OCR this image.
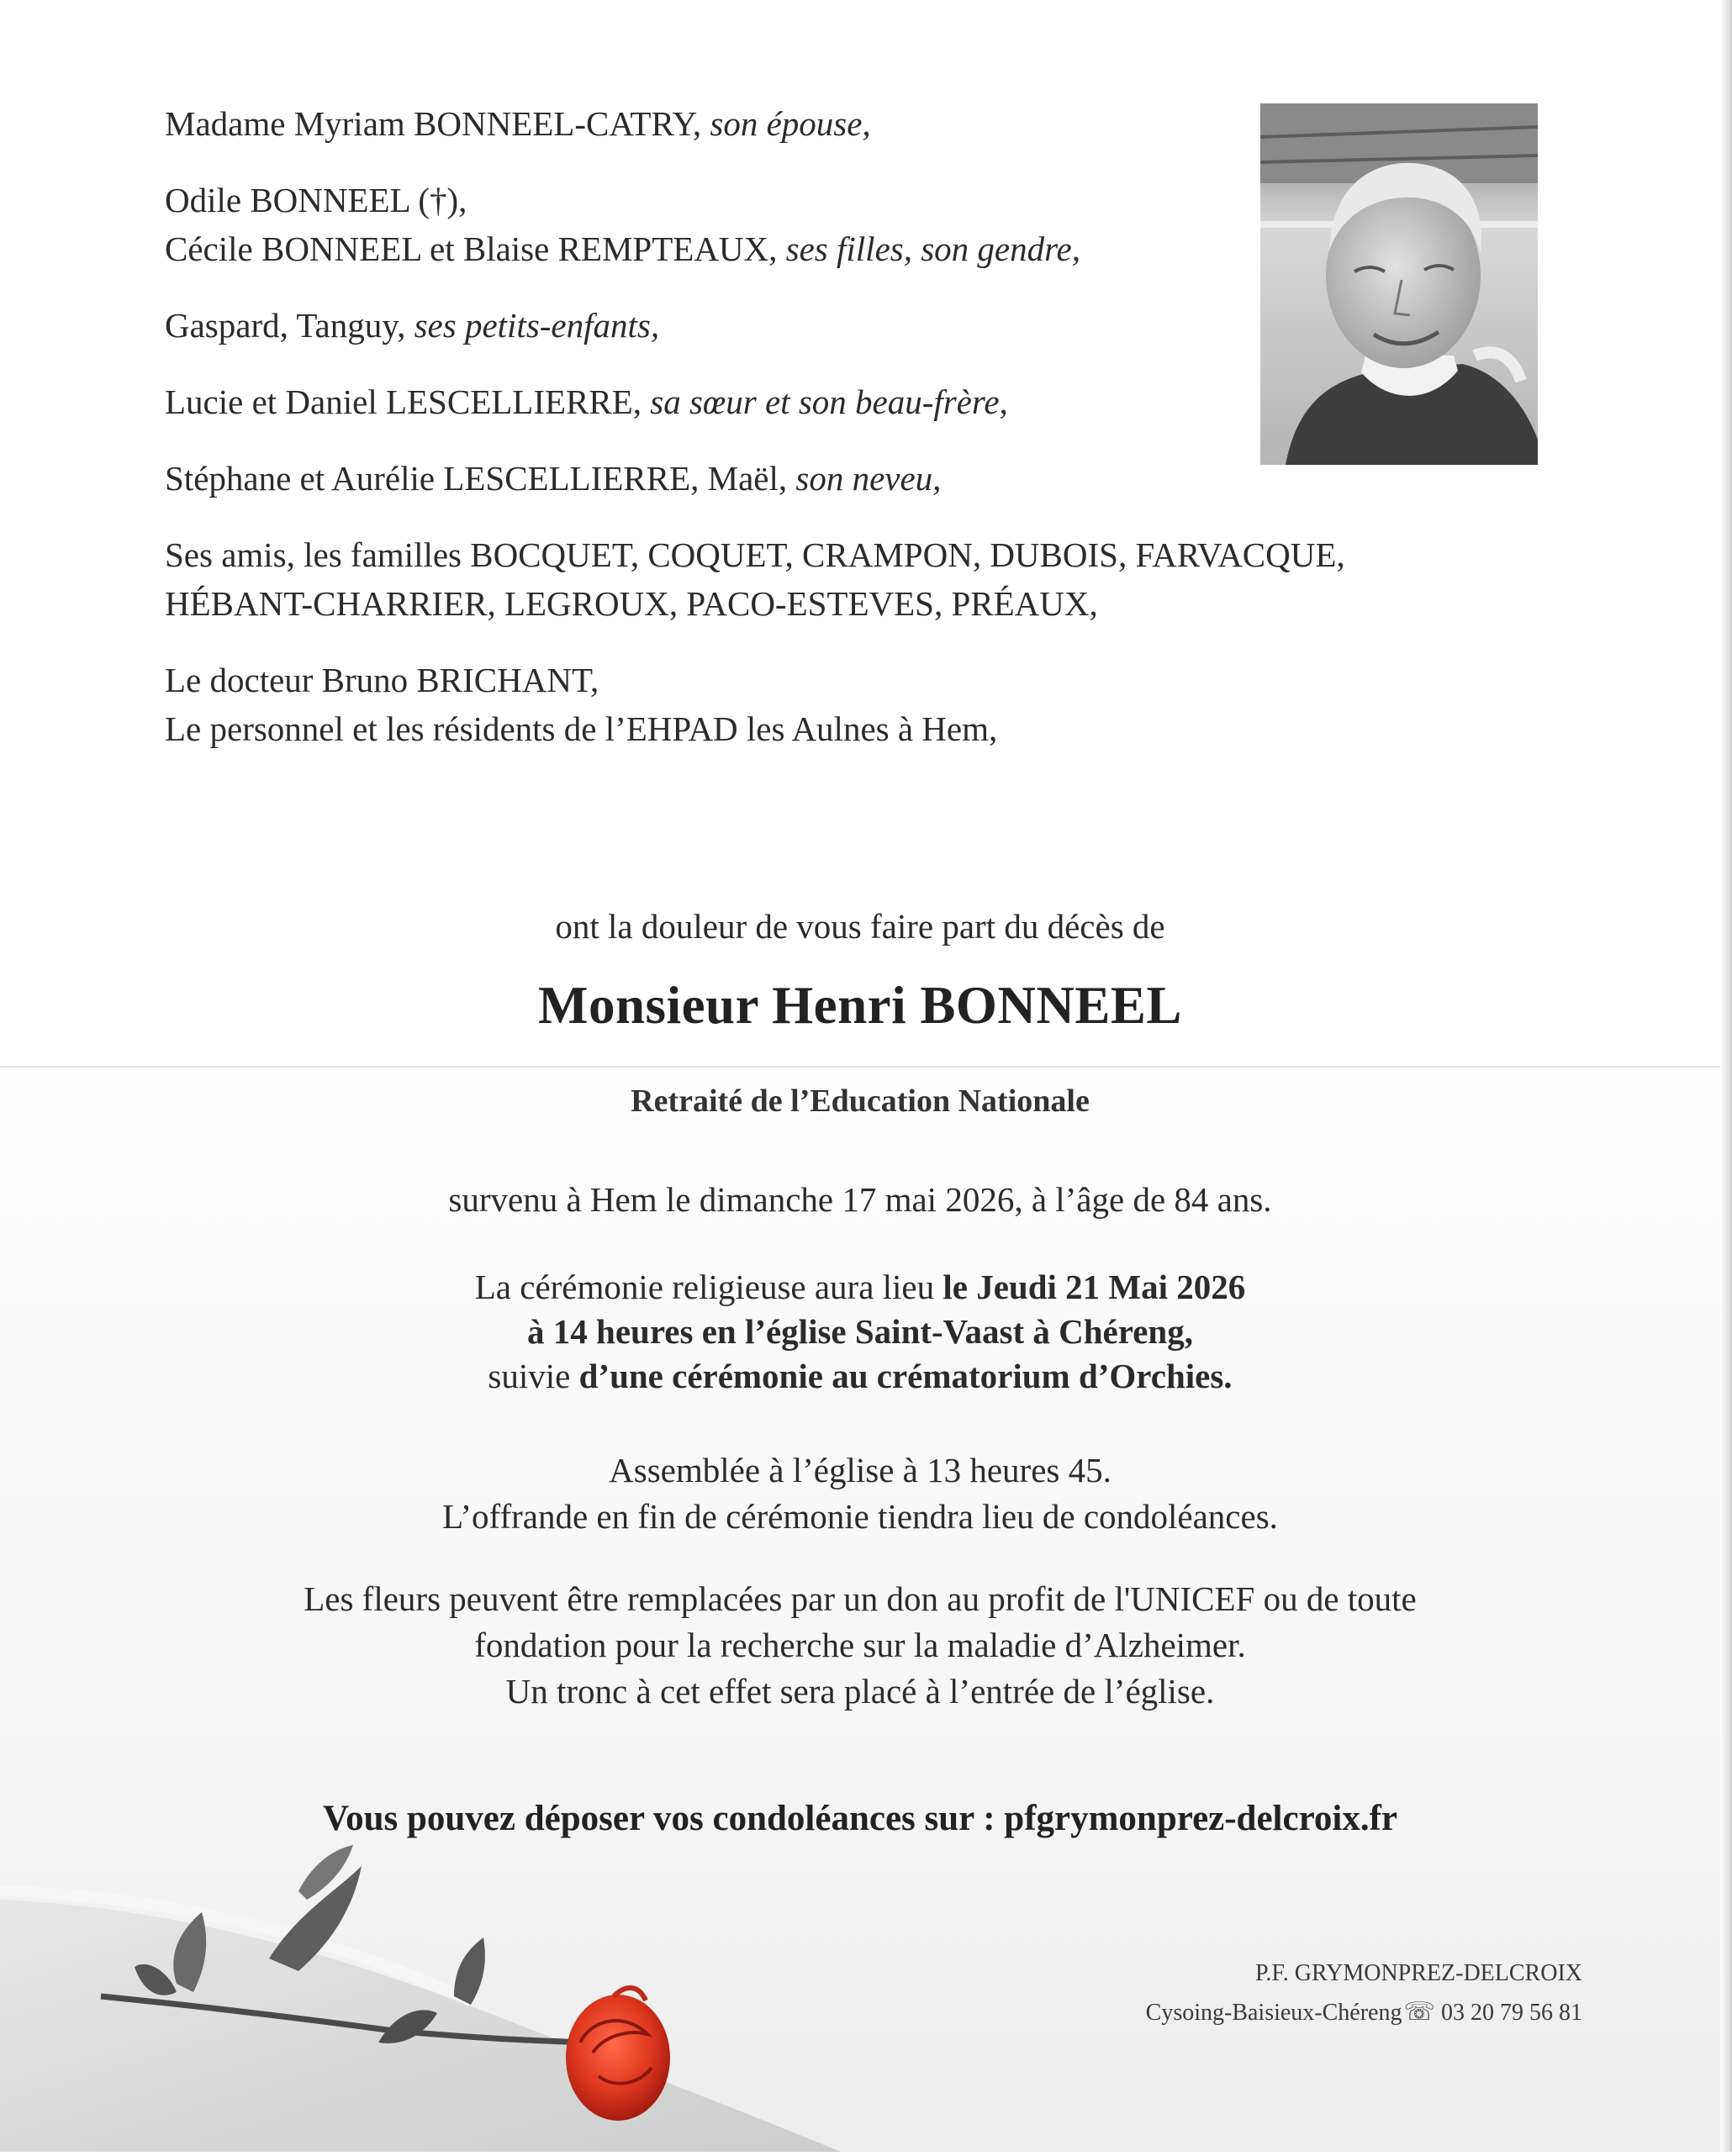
Madame Myriam BONNEEL-CATRY, son épouse,
Odile BONNEEL (†),
Cécile BONNEEL et Blaise REMPTEAUX, ses filles, son gendre,
Gaspard, Tanguy, ses petits-enfants,
Lucie et Daniel LESCELLIERRE, sa sœur et son beau-frère,
Stéphane et Aurélie LESCELLIERRE, Maël, son neveu,
Ses amis, les familles BOCQUET, COQUET, CRAMPON, DUBOIS, FARVACQUE,
HÉBANT-CHARRIER, LEGROUX, PACO-ESTEVES, PRÉAUX,
Le docteur Bruno BRICHANT,
Le personnel et les résidents de l’EHPAD les Aulnes à Hem,
ont la douleur de vous faire part du décès de
Monsieur Henri BONNEEL
Retraité de l’Education Nationale
survenu à Hem le dimanche 17 mai 2026, à l’âge de 84 ans.
La cérémonie religieuse aura lieu le Jeudi 21 Mai 2026
à 14 heures en l’église Saint-Vaast à Chéreng,
suivie d’une cérémonie au crématorium d’Orchies.
Assemblée à l’église à 13 heures 45.
L’offrande en fin de cérémonie tiendra lieu de condoléances.
Les fleurs peuvent être remplacées par un don au profit de l'UNICEF ou de toute
fondation pour la recherche sur la maladie d’Alzheimer.
Un tronc à cet effet sera placé à l’entrée de l’église.
Vous pouvez déposer vos condoléances sur : pfgrymonprez-delcroix.fr
P.F. GRYMONPREZ-DELCROIX
Cysoing-Baisieux-Chéreng☏ 03 20 79 56 81
